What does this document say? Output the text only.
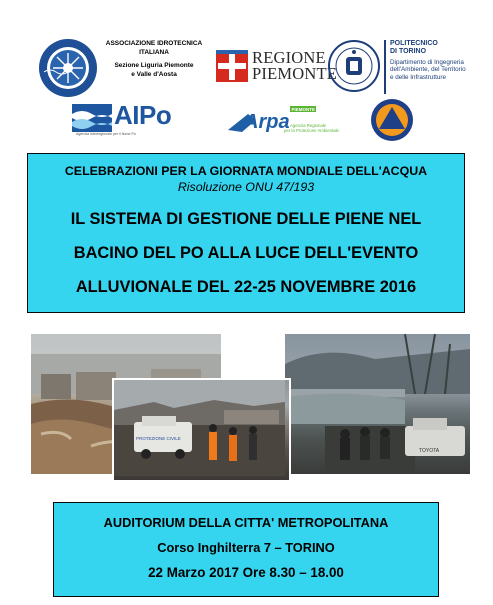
ASSOCIAZIONE IDROTECNICA
ITALIANA
Sezione Liguria Piemonte
e Valle d'Aosta
REGIONE
PIEMONTE
POLITECNICO
DI TORINO
Dipartimento di Ingegneria
dell'Ambiente, del Territorio
e delle Infrastrutture
AIPo
Agenzia Interregionale per il fiume Po
Arpa
PIEMONTE
Agenzia Regionale
per la Protezione Ambientale
CELEBRAZIONI PER LA GIORNATA MONDIALE DELL'ACQUA
Risoluzione ONU 47/193
IL SISTEMA DI GESTIONE DELLE PIENE NEL
BACINO DEL PO ALLA LUCE DELL'EVENTO
ALLUVIONALE DEL 22-25 NOVEMBRE 2016
TOYOTA
PROTEZIONE CIVILE
AUDITORIUM DELLA CITTA' METROPOLITANA
Corso Inghilterra 7 – TORINO
22 Marzo 2017 Ore 8.30 – 18.00
